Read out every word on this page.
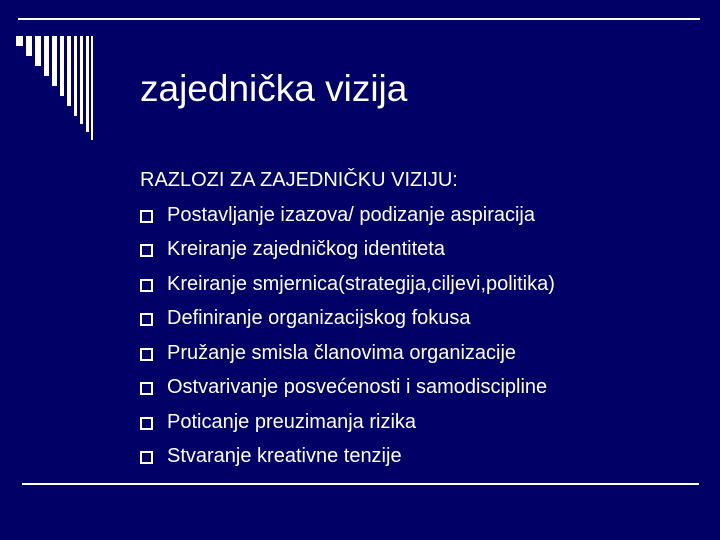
zajednička vizija
RAZLOZI ZA ZAJEDNIČKU VIZIJU:
Postavljanje izazova/ podizanje aspiracija
Kreiranje zajedničkog identiteta
Kreiranje smjernica(strategija,ciljevi,politika)
Definiranje organizacijskog fokusa
Pružanje smisla članovima organizacije
Ostvarivanje posvećenosti i samodiscipline
Poticanje preuzimanja rizika
Stvaranje kreativne tenzije
